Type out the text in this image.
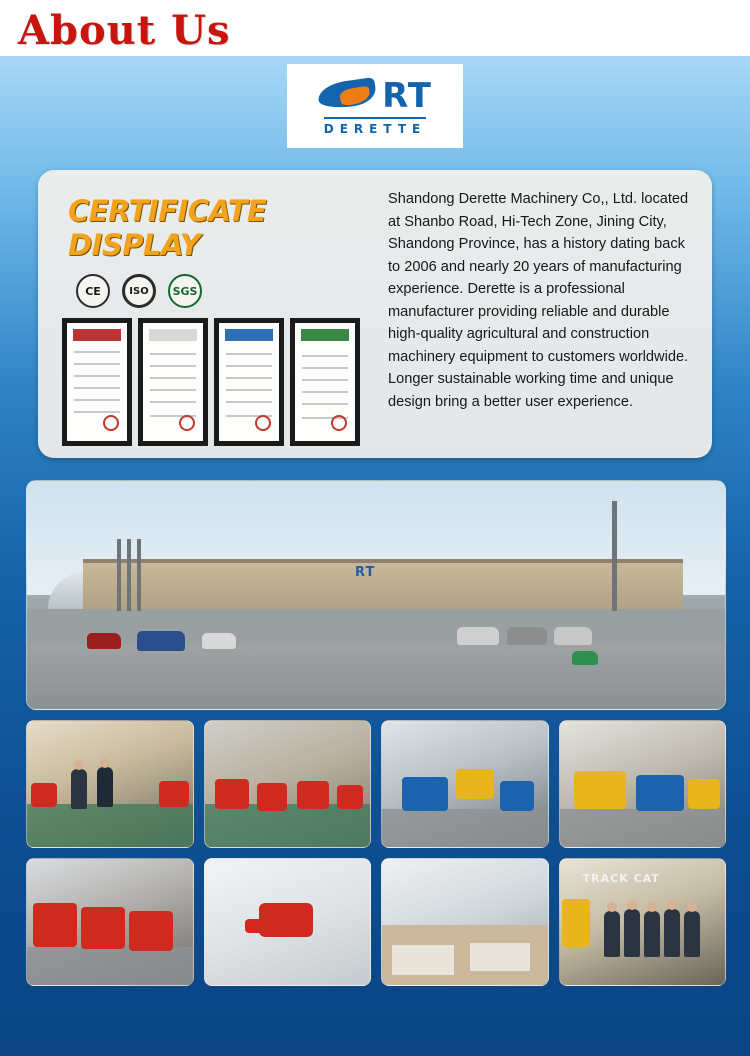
About Us
RT
DERETTE
CERTIFICATE DISPLAY
CE	ISO	SGS
Shandong Derette Machinery Co,, Ltd. located at Shanbo Road, Hi-Tech Zone, Jining City, Shandong Province, has a history dating back to 2006 and nearly 20 years of manufacturing experience. Derette is a professional manufacturer providing reliable and durable high-quality agricultural and construction machinery equipment to customers worldwide. Longer sustainable working time and unique design bring a better user experience.
RT
TRACK CAT
